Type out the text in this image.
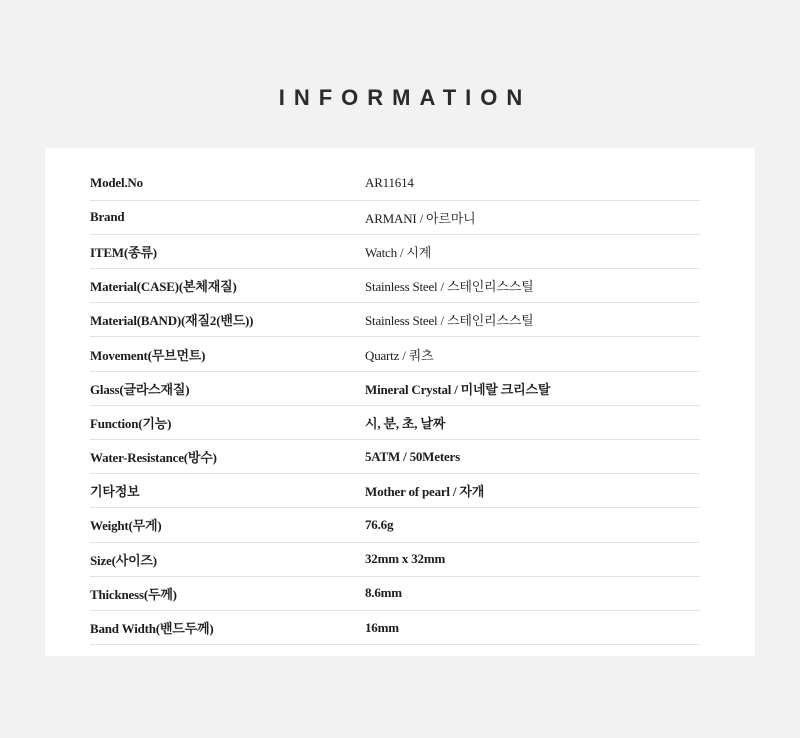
INFORMATION
Model.No	AR11614
Brand	ARMANI / 아르마니
ITEM(종류)	Watch / 시계
Material(CASE)(본체재질)	Stainless Steel / 스테인리스스틸
Material(BAND)(재질2(밴드))	Stainless Steel / 스테인리스스틸
Movement(무브먼트)	Quartz / 쿼츠
Glass(글라스재질)	Mineral Crystal / 미네랄 크리스탈
Function(기능)	시, 분, 초, 날짜
Water-Resistance(방수)	5ATM / 50Meters
기타정보	Mother of pearl / 자개
Weight(무게)	76.6g
Size(사이즈)	32mm x 32mm
Thickness(두께)	8.6mm
Band Width(밴드두께)	16mm
